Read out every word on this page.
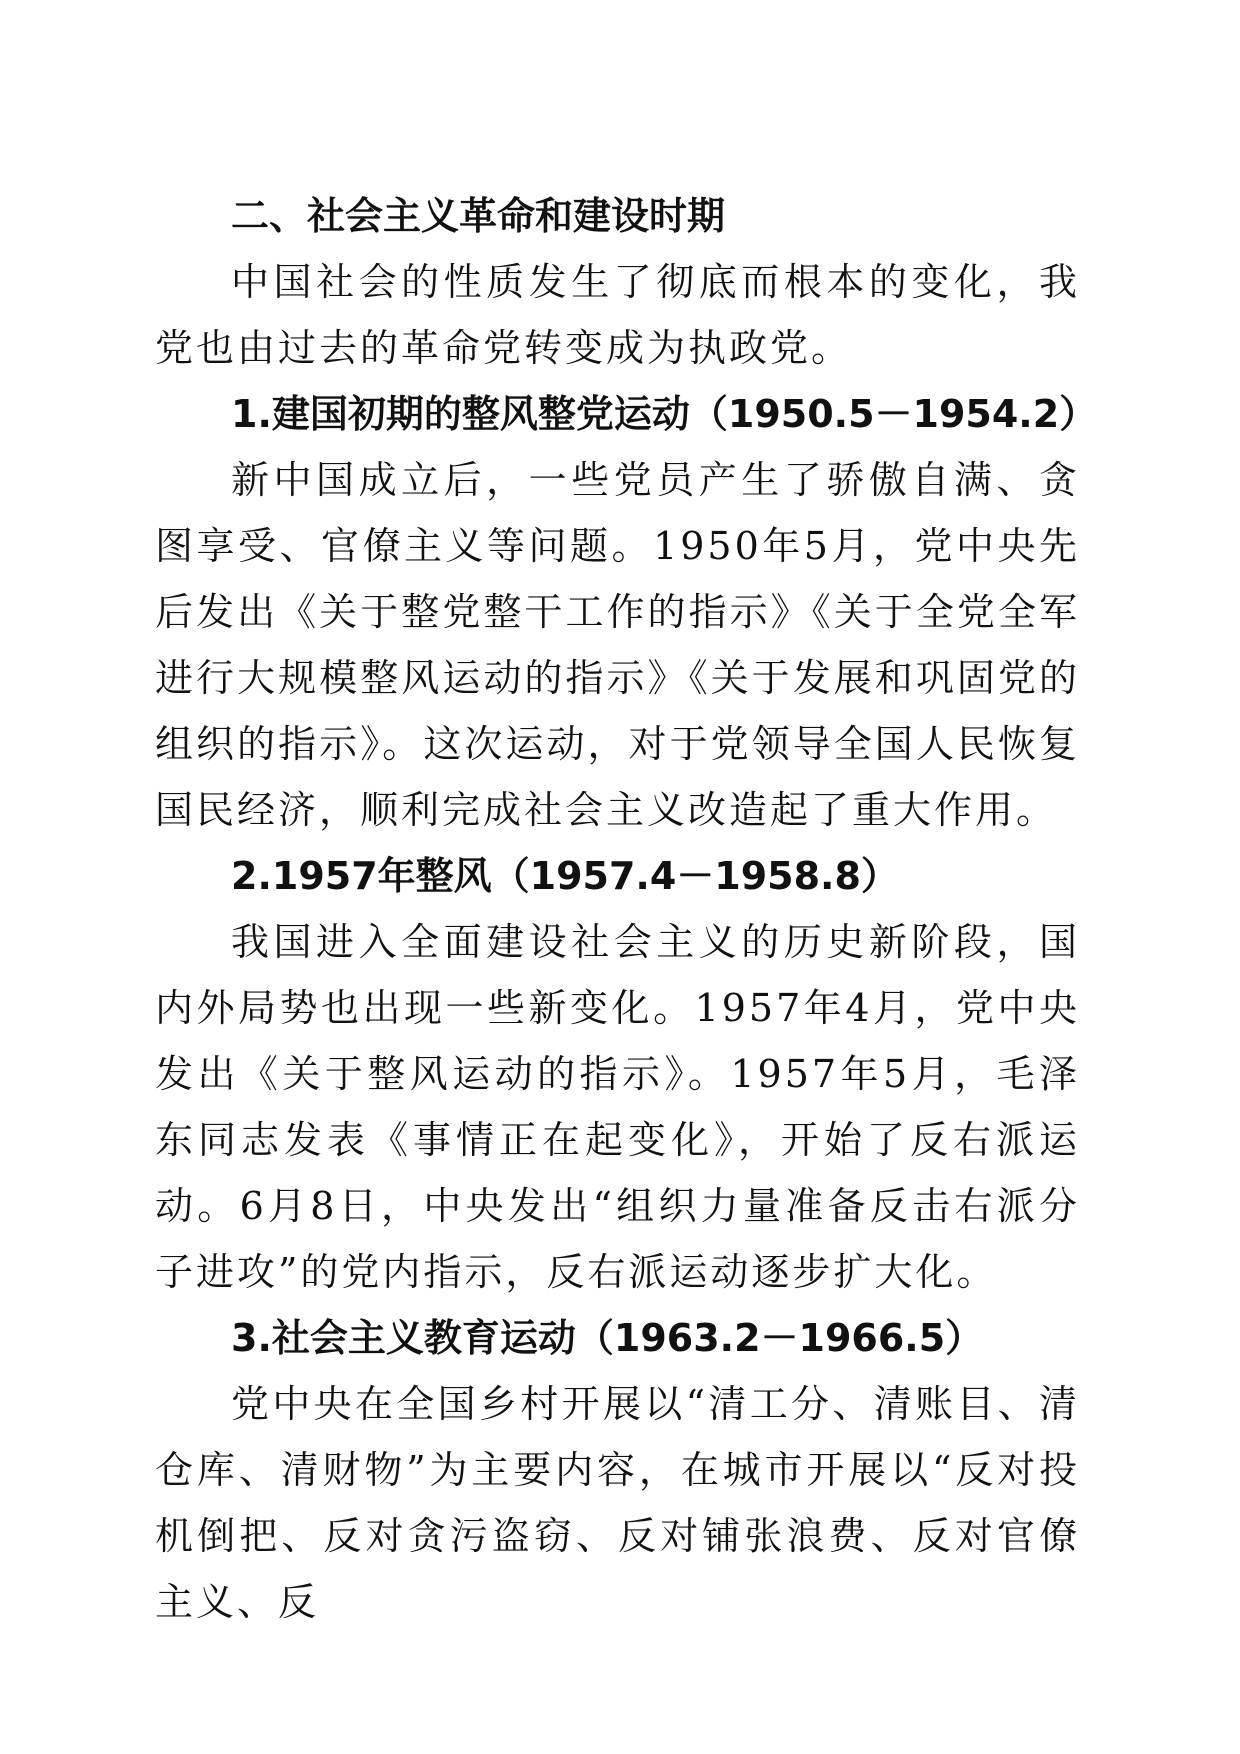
二、社会主义革命和建设时期

中国社会的性质发生了彻底而根本的变化，我党也由过去的革命党转变成为执政党。

1.建国初期的整风整党运动（1950.5－1954.2）

新中国成立后，一些党员产生了骄傲自满、贪图享受、官僚主义等问题。1950年5月，党中央先后发出《关于整党整干工作的指示》《关于全党全军进行大规模整风运动的指示》《关于发展和巩固党的组织的指示》。这次运动，对于党领导全国人民恢复国民经济，顺利完成社会主义改造起了重大作用。

2.1957年整风（1957.4－1958.8）

我国进入全面建设社会主义的历史新阶段，国内外局势也出现一些新变化。1957年4月，党中央发出《关于整风运动的指示》。1957年5月，毛泽东同志发表《事情正在起变化》，开始了反右派运动。6月8日，中央发出“组织力量准备反击右派分子进攻”的党内指示，反右派运动逐步扩大化。

3.社会主义教育运动（1963.2－1966.5）

党中央在全国乡村开展以“清工分、清账目、清仓库、清财物”为主要内容，在城市开展以“反对投机倒把、反对贪污盗窃、反对铺张浪费、反对官僚主义、反
